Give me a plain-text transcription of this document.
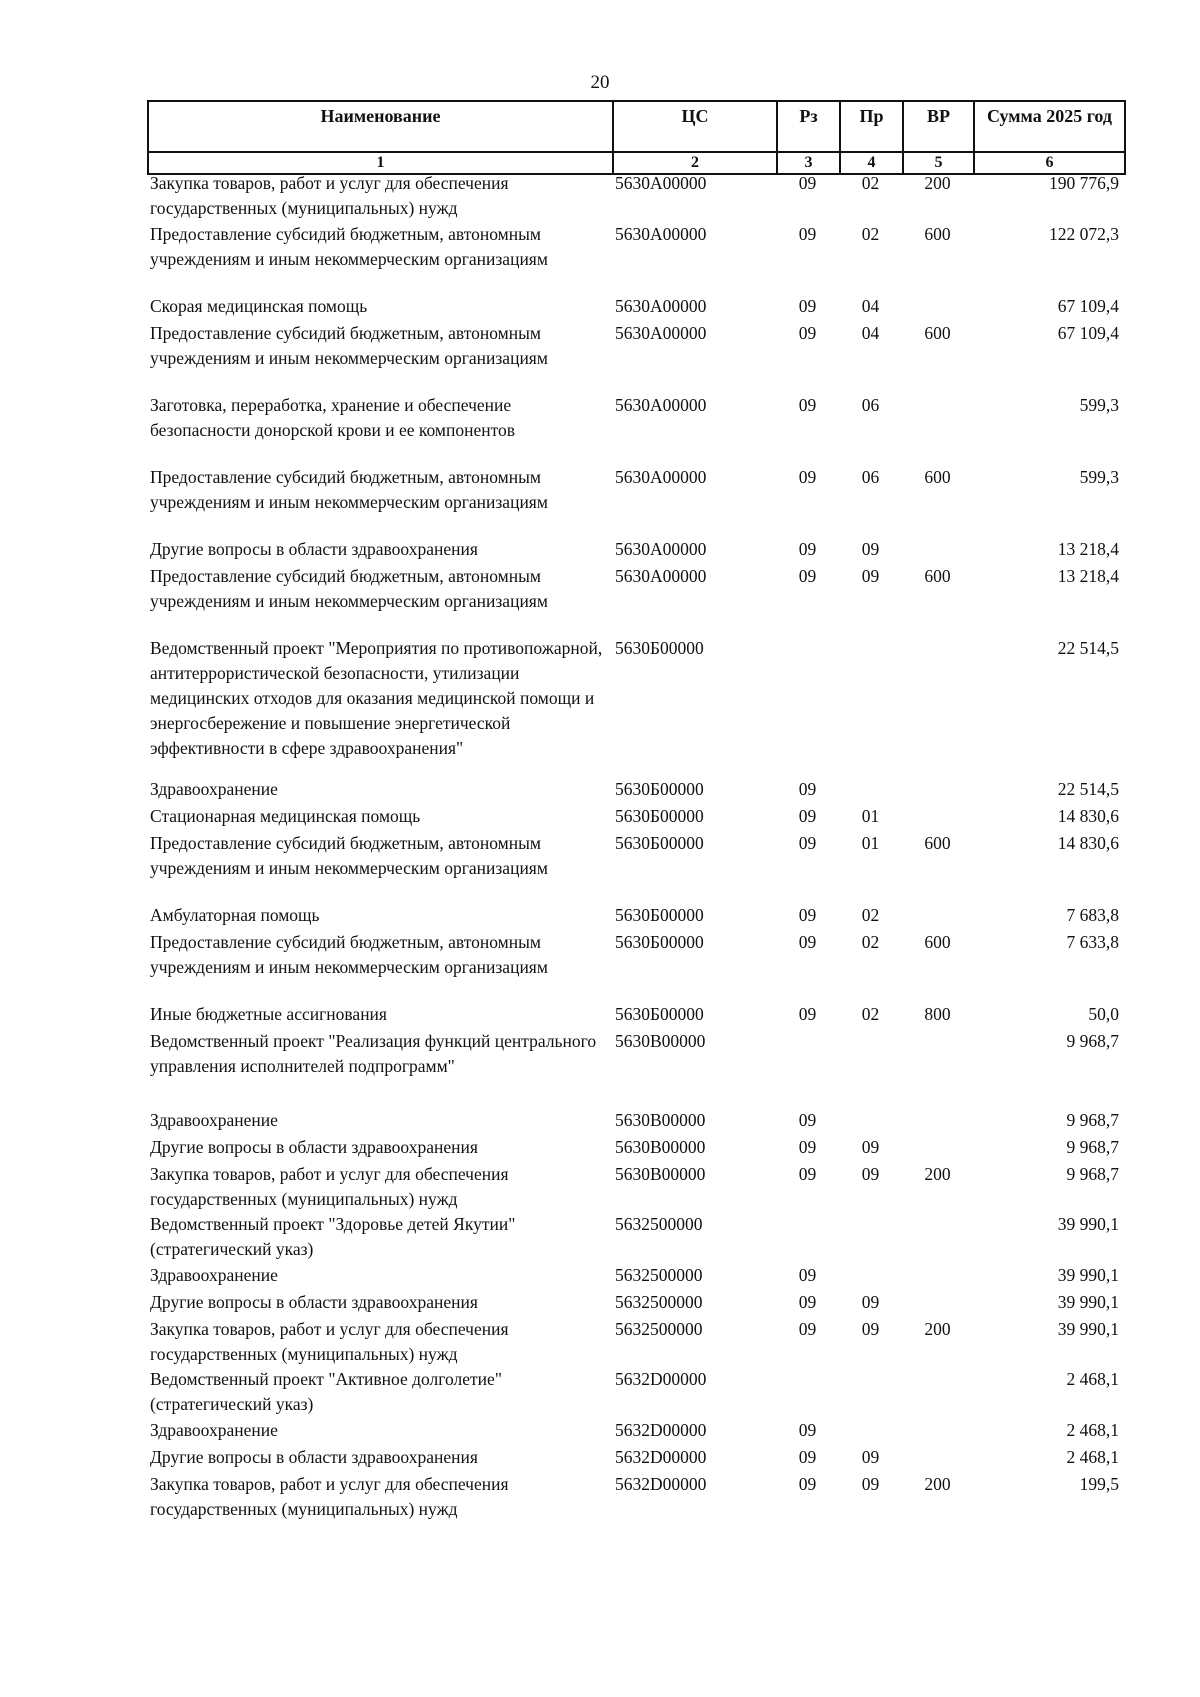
20
Наименование	ЦС	Рз	Пр	ВР	Сумма 2025 год
1	2	3	4	5	6
Закупка товаров, работ и услуг для обеспечения государственных (муниципальных) нужд	5630А00000	09	02	200	190 776,9
Предоставление субсидий бюджетным, автономным учреждениям и иным некоммерческим организациям	5630А00000	09	02	600	122 072,3
Скорая медицинская помощь	5630А00000	09	04		67 109,4
Предоставление субсидий бюджетным, автономным учреждениям и иным некоммерческим организациям	5630А00000	09	04	600	67 109,4
Заготовка, переработка, хранение и обеспечение безопасности донорской крови и ее компонентов	5630А00000	09	06		599,3
Предоставление субсидий бюджетным, автономным учреждениям и иным некоммерческим организациям	5630А00000	09	06	600	599,3
Другие вопросы в области здравоохранения	5630А00000	09	09		13 218,4
Предоставление субсидий бюджетным, автономным учреждениям и иным некоммерческим организациям	5630А00000	09	09	600	13 218,4
Ведомственный проект "Мероприятия по противопожарной, антитеррористической безопасности, утилизации медицинских отходов для оказания медицинской помощи и энергосбережение и повышение энергетической эффективности в сфере здравоохранения"	5630Б00000				22 514,5
Здравоохранение	5630Б00000	09			22 514,5
Стационарная медицинская помощь	5630Б00000	09	01		14 830,6
Предоставление субсидий бюджетным, автономным учреждениям и иным некоммерческим организациям	5630Б00000	09	01	600	14 830,6
Амбулаторная помощь	5630Б00000	09	02		7 683,8
Предоставление субсидий бюджетным, автономным учреждениям и иным некоммерческим организациям	5630Б00000	09	02	600	7 633,8
Иные бюджетные ассигнования	5630Б00000	09	02	800	50,0
Ведомственный проект "Реализация функций центрального управления исполнителей подпрограмм"	5630В00000				9 968,7
Здравоохранение	5630В00000	09			9 968,7
Другие вопросы в области здравоохранения	5630В00000	09	09		9 968,7
Закупка товаров, работ и услуг для обеспечения государственных (муниципальных) нужд	5630В00000	09	09	200	9 968,7
Ведомственный проект "Здоровье детей Якутии" (стратегический указ)	5632500000				39 990,1
Здравоохранение	5632500000	09			39 990,1
Другие вопросы в области здравоохранения	5632500000	09	09		39 990,1
Закупка товаров, работ и услуг для обеспечения государственных (муниципальных) нужд	5632500000	09	09	200	39 990,1
Ведомственный проект "Активное долголетие" (стратегический указ)	5632D00000				2 468,1
Здравоохранение	5632D00000	09			2 468,1
Другие вопросы в области здравоохранения	5632D00000	09	09		2 468,1
Закупка товаров, работ и услуг для обеспечения государственных (муниципальных) нужд	5632D00000	09	09	200	199,5
